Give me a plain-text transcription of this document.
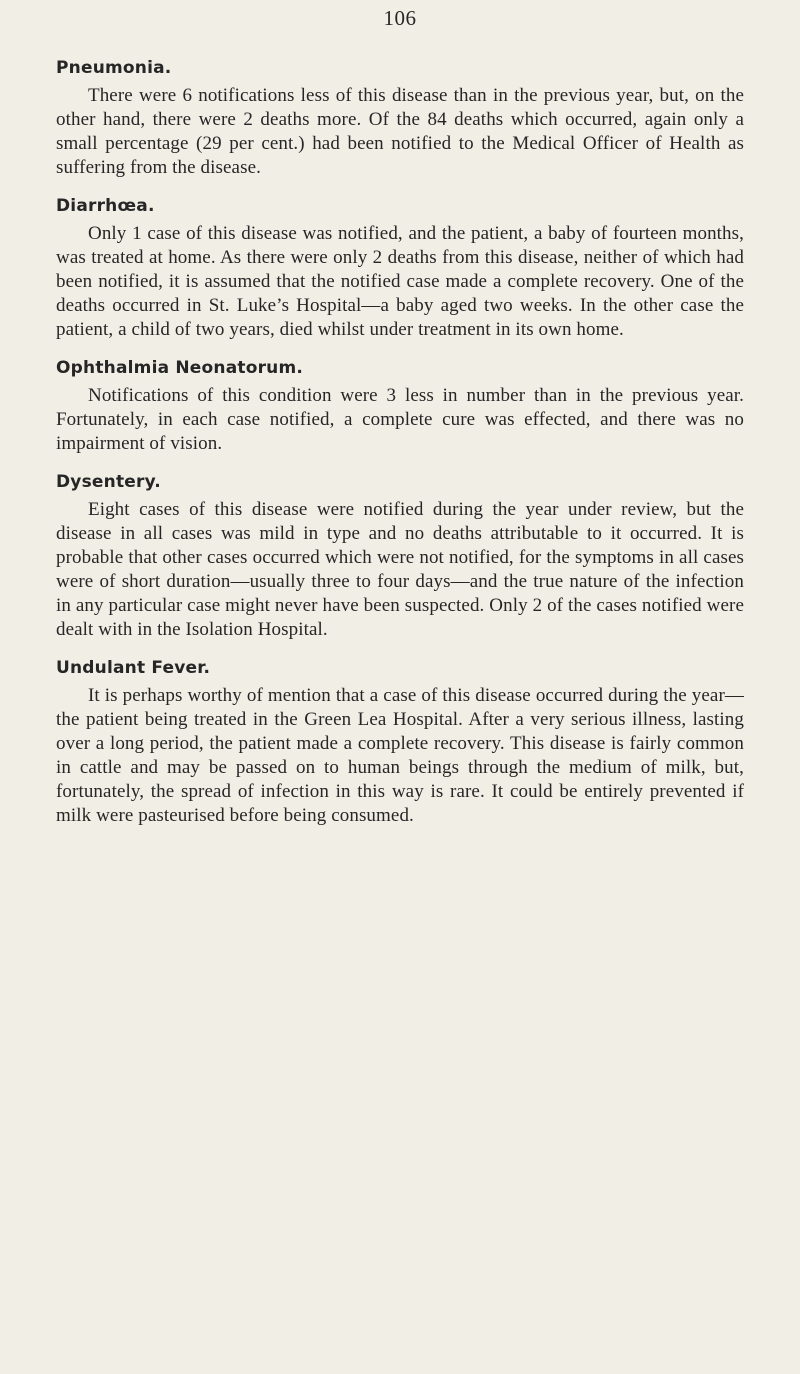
106
Pneumonia.

There were 6 notifications less of this disease than in the previous year, but, on the other hand, there were 2 deaths more. Of the 84 deaths which occurred, again only a small percentage (29 per cent.) had been notified to the Medical Officer of Health as suffering from the disease.

Diarrhœa.

Only 1 case of this disease was notified, and the patient, a baby of fourteen months, was treated at home. As there were only 2 deaths from this disease, neither of which had been notified, it is assumed that the notified case made a complete recovery. One of the deaths occurred in St. Luke’s Hospital—a baby aged two weeks. In the other case the patient, a child of two years, died whilst under treatment in its own home.

Ophthalmia Neonatorum.

Notifications of this condition were 3 less in number than in the previous year. Fortunately, in each case notified, a complete cure was effected, and there was no impairment of vision.

Dysentery.

Eight cases of this disease were notified during the year under review, but the disease in all cases was mild in type and no deaths attributable to it occurred. It is probable that other cases occurred which were not notified, for the symptoms in all cases were of short duration—usually three to four days—and the true nature of the infection in any particular case might never have been suspected. Only 2 of the cases notified were dealt with in the Isolation Hospital.

Undulant Fever.

It is perhaps worthy of mention that a case of this disease occurred during the year—the patient being treated in the Green Lea Hospital. After a very serious illness, lasting over a long period, the patient made a complete recovery. This disease is fairly common in cattle and may be passed on to human beings through the medium of milk, but, fortunately, the spread of infection in this way is rare. It could be entirely prevented if milk were pasteurised before being consumed.
